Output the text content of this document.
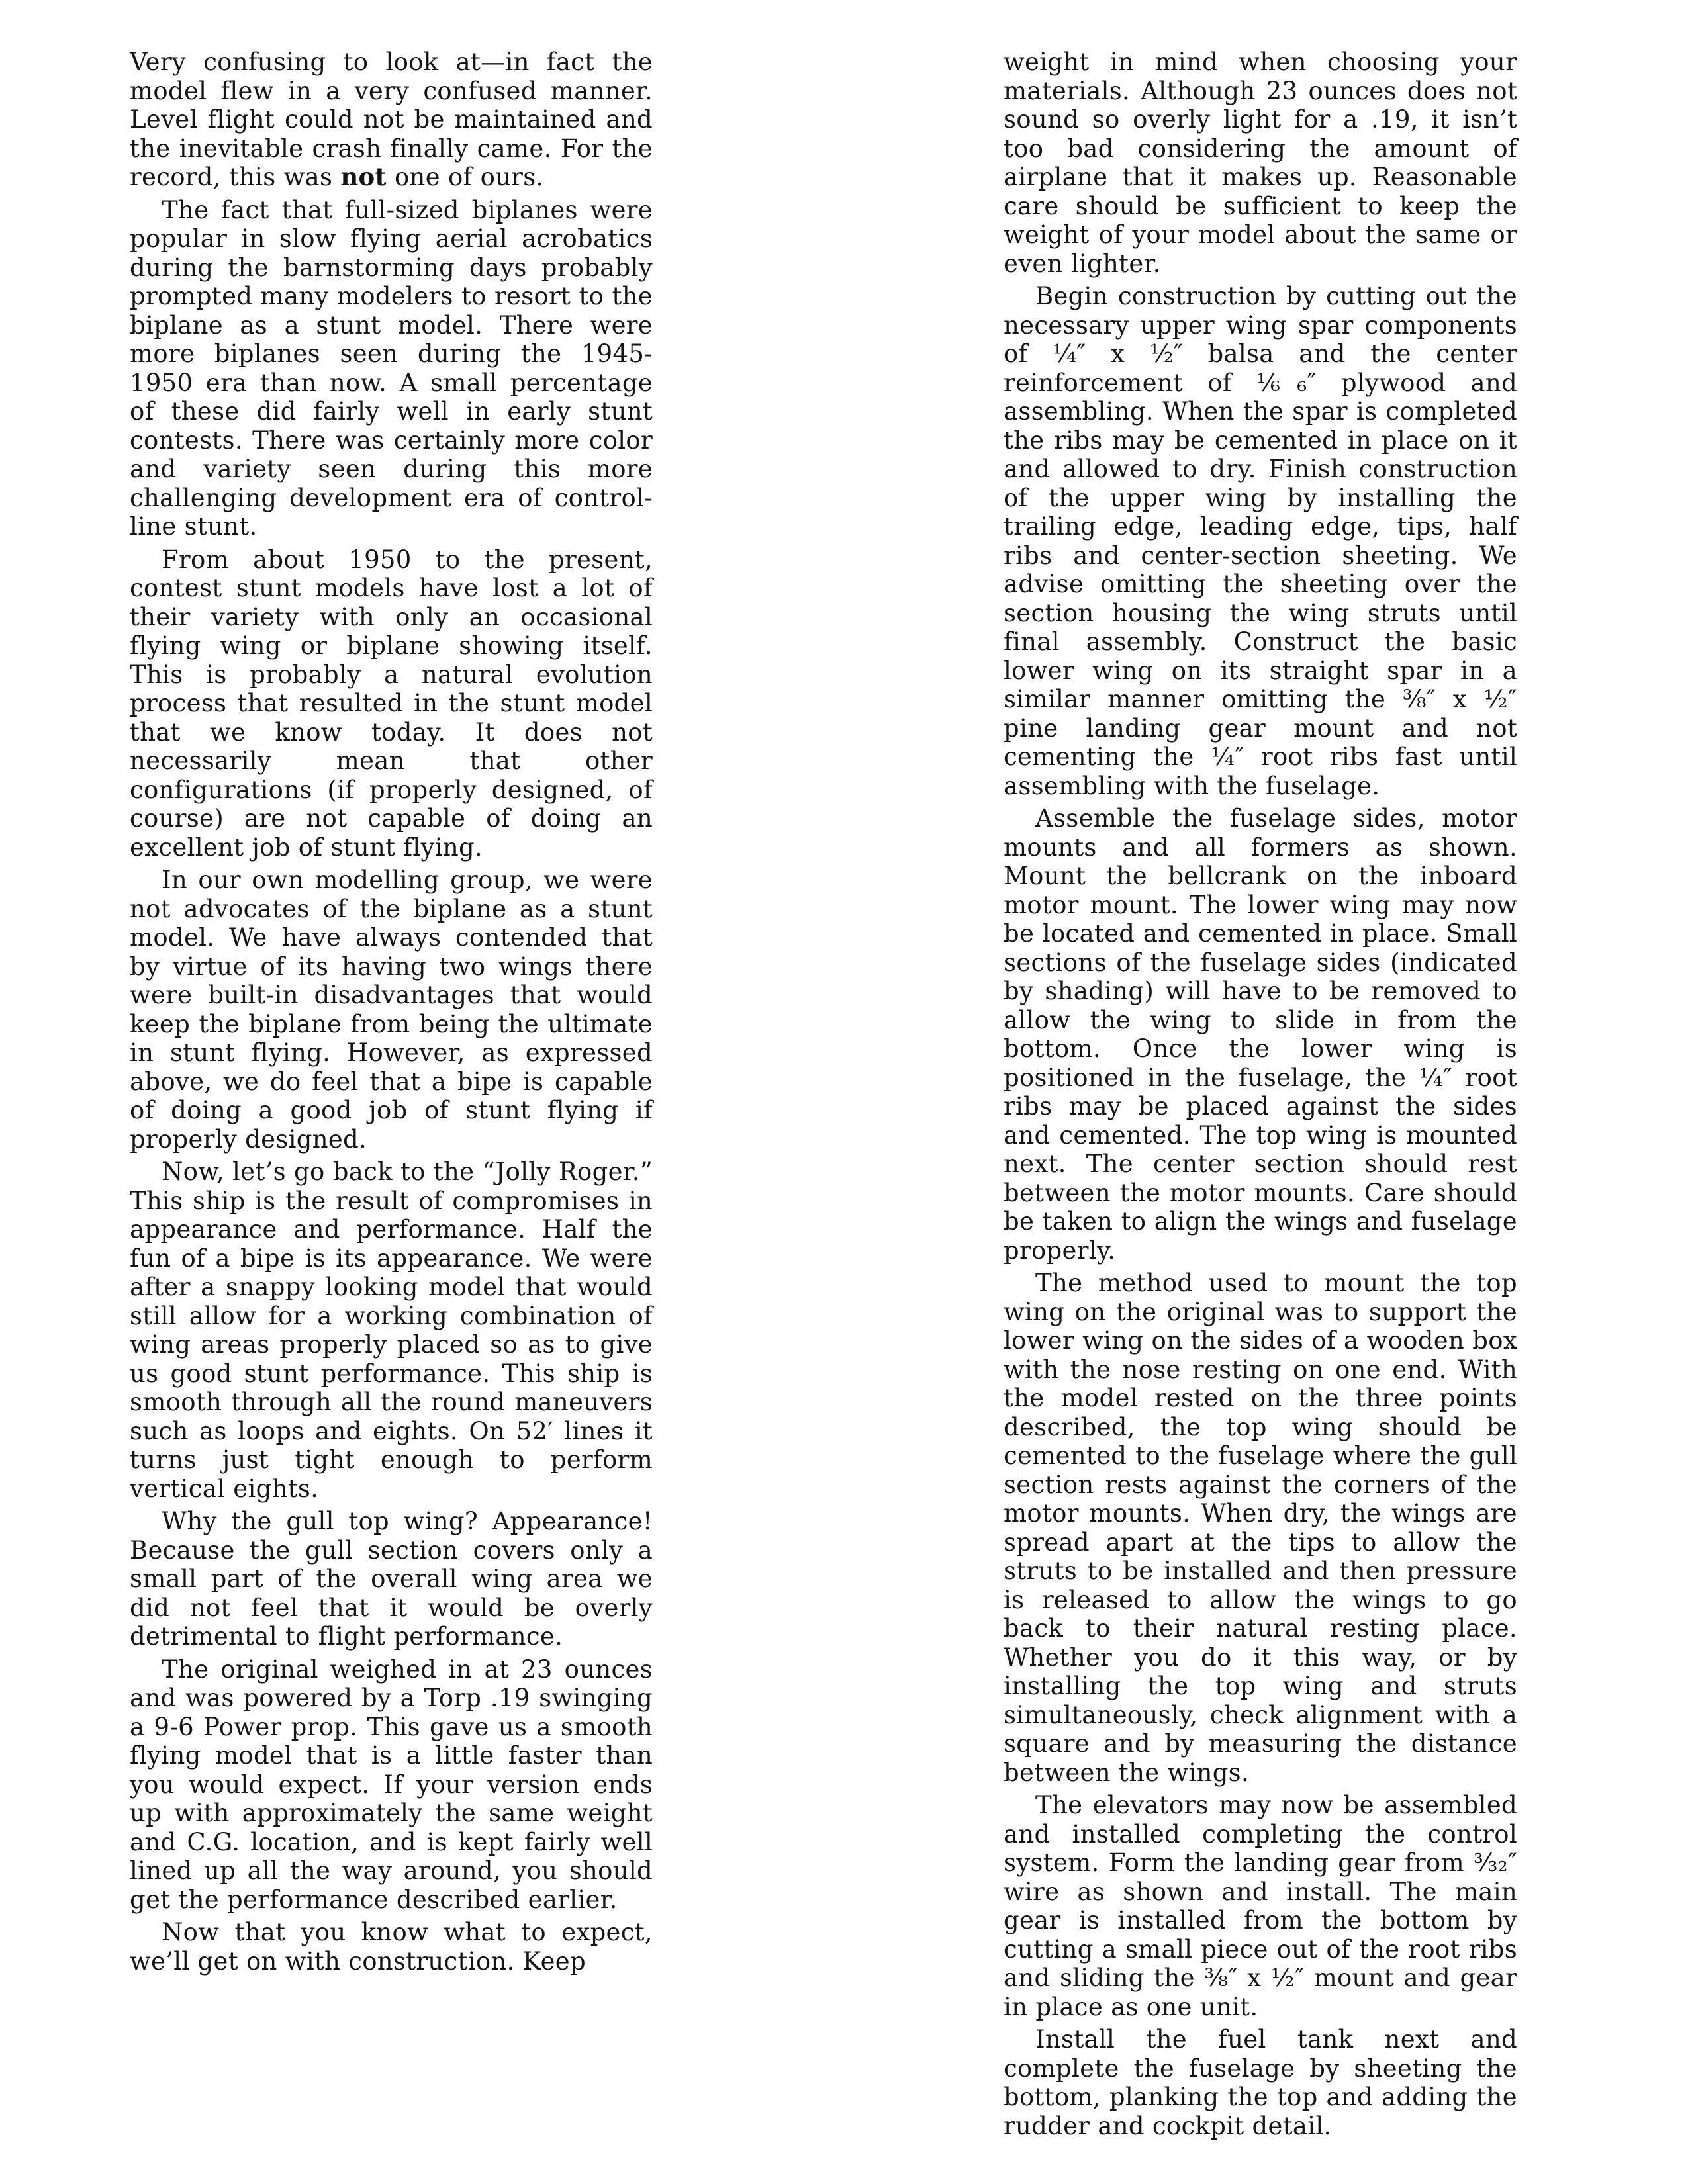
Very confusing to look at—in fact the model flew in a very confused manner. Level flight could not be maintained and the inevitable crash finally came. For the record, this was not one of ours.

The fact that full-sized biplanes were popular in slow flying aerial acrobatics during the barnstorming days probably prompted many modelers to resort to the biplane as a stunt model. There were more biplanes seen during the 1945-1950 era than now. A small percentage of these did fairly well in early stunt contests. There was certainly more color and variety seen during this more challenging development era of control-line stunt.

From about 1950 to the present, contest stunt models have lost a lot of their variety with only an occasional flying wing or biplane showing itself. This is probably a natural evolution process that resulted in the stunt model that we know today. It does not necessarily mean that other configurations (if properly designed, of course) are not capable of doing an excellent job of stunt flying.

In our own modelling group, we were not advocates of the biplane as a stunt model. We have always contended that by virtue of its having two wings there were built-in disadvantages that would keep the biplane from being the ultimate in stunt flying. However, as expressed above, we do feel that a bipe is capable of doing a good job of stunt flying if properly designed.

Now, let’s go back to the “Jolly Roger.” This ship is the result of compromises in appearance and performance. Half the fun of a bipe is its appearance. We were after a snappy looking model that would still allow for a working combination of wing areas properly placed so as to give us good stunt performance. This ship is smooth through all the round maneuvers such as loops and eights. On 52′ lines it turns just tight enough to perform vertical eights.

Why the gull top wing? Appearance! Because the gull section covers only a small part of the overall wing area we did not feel that it would be overly detrimental to flight performance.

The original weighed in at 23 ounces and was powered by a Torp .19 swinging a 9-6 Power prop. This gave us a smooth flying model that is a little faster than you would expect. If your version ends up with approximately the same weight and C.G. location, and is kept fairly well lined up all the way around, you should get the performance described earlier.

Now that you know what to expect, we’ll get on with construction. Keep

weight in mind when choosing your materials. Although 23 ounces does not sound so overly light for a .19, it isn’t too bad considering the amount of airplane that it makes up. Reasonable care should be sufficient to keep the weight of your model about the same or even lighter.

Begin construction by cutting out the necessary upper wing spar components of ¼″ x ½″ balsa and the center reinforcement of ⅙₆″ plywood and assembling. When the spar is completed the ribs may be cemented in place on it and allowed to dry. Finish construction of the upper wing by installing the trailing edge, leading edge, tips, half ribs and center-section sheeting. We advise omitting the sheeting over the section housing the wing struts until final assembly. Construct the basic lower wing on its straight spar in a similar manner omitting the ⅜″ x ½″ pine landing gear mount and not cementing the ¼″ root ribs fast until assembling with the fuselage.

Assemble the fuselage sides, motor mounts and all formers as shown. Mount the bellcrank on the inboard motor mount. The lower wing may now be located and cemented in place. Small sections of the fuselage sides (indicated by shading) will have to be removed to allow the wing to slide in from the bottom. Once the lower wing is positioned in the fuselage, the ¼″ root ribs may be placed against the sides and cemented. The top wing is mounted next. The center section should rest between the motor mounts. Care should be taken to align the wings and fuselage properly.

The method used to mount the top wing on the original was to support the lower wing on the sides of a wooden box with the nose resting on one end. With the model rested on the three points described, the top wing should be cemented to the fuselage where the gull section rests against the corners of the motor mounts. When dry, the wings are spread apart at the tips to allow the struts to be installed and then pressure is released to allow the wings to go back to their natural resting place. Whether you do it this way, or by installing the top wing and struts simultaneously, check alignment with a square and by measuring the distance between the wings.

The elevators may now be assembled and installed completing the control system. Form the landing gear from ³⁄₃₂″ wire as shown and install. The main gear is installed from the bottom by cutting a small piece out of the root ribs and sliding the ⅜″ x ½″ mount and gear in place as one unit.

Install the fuel tank next and complete the fuselage by sheeting the bottom, planking the top and adding the rudder and cockpit detail.
